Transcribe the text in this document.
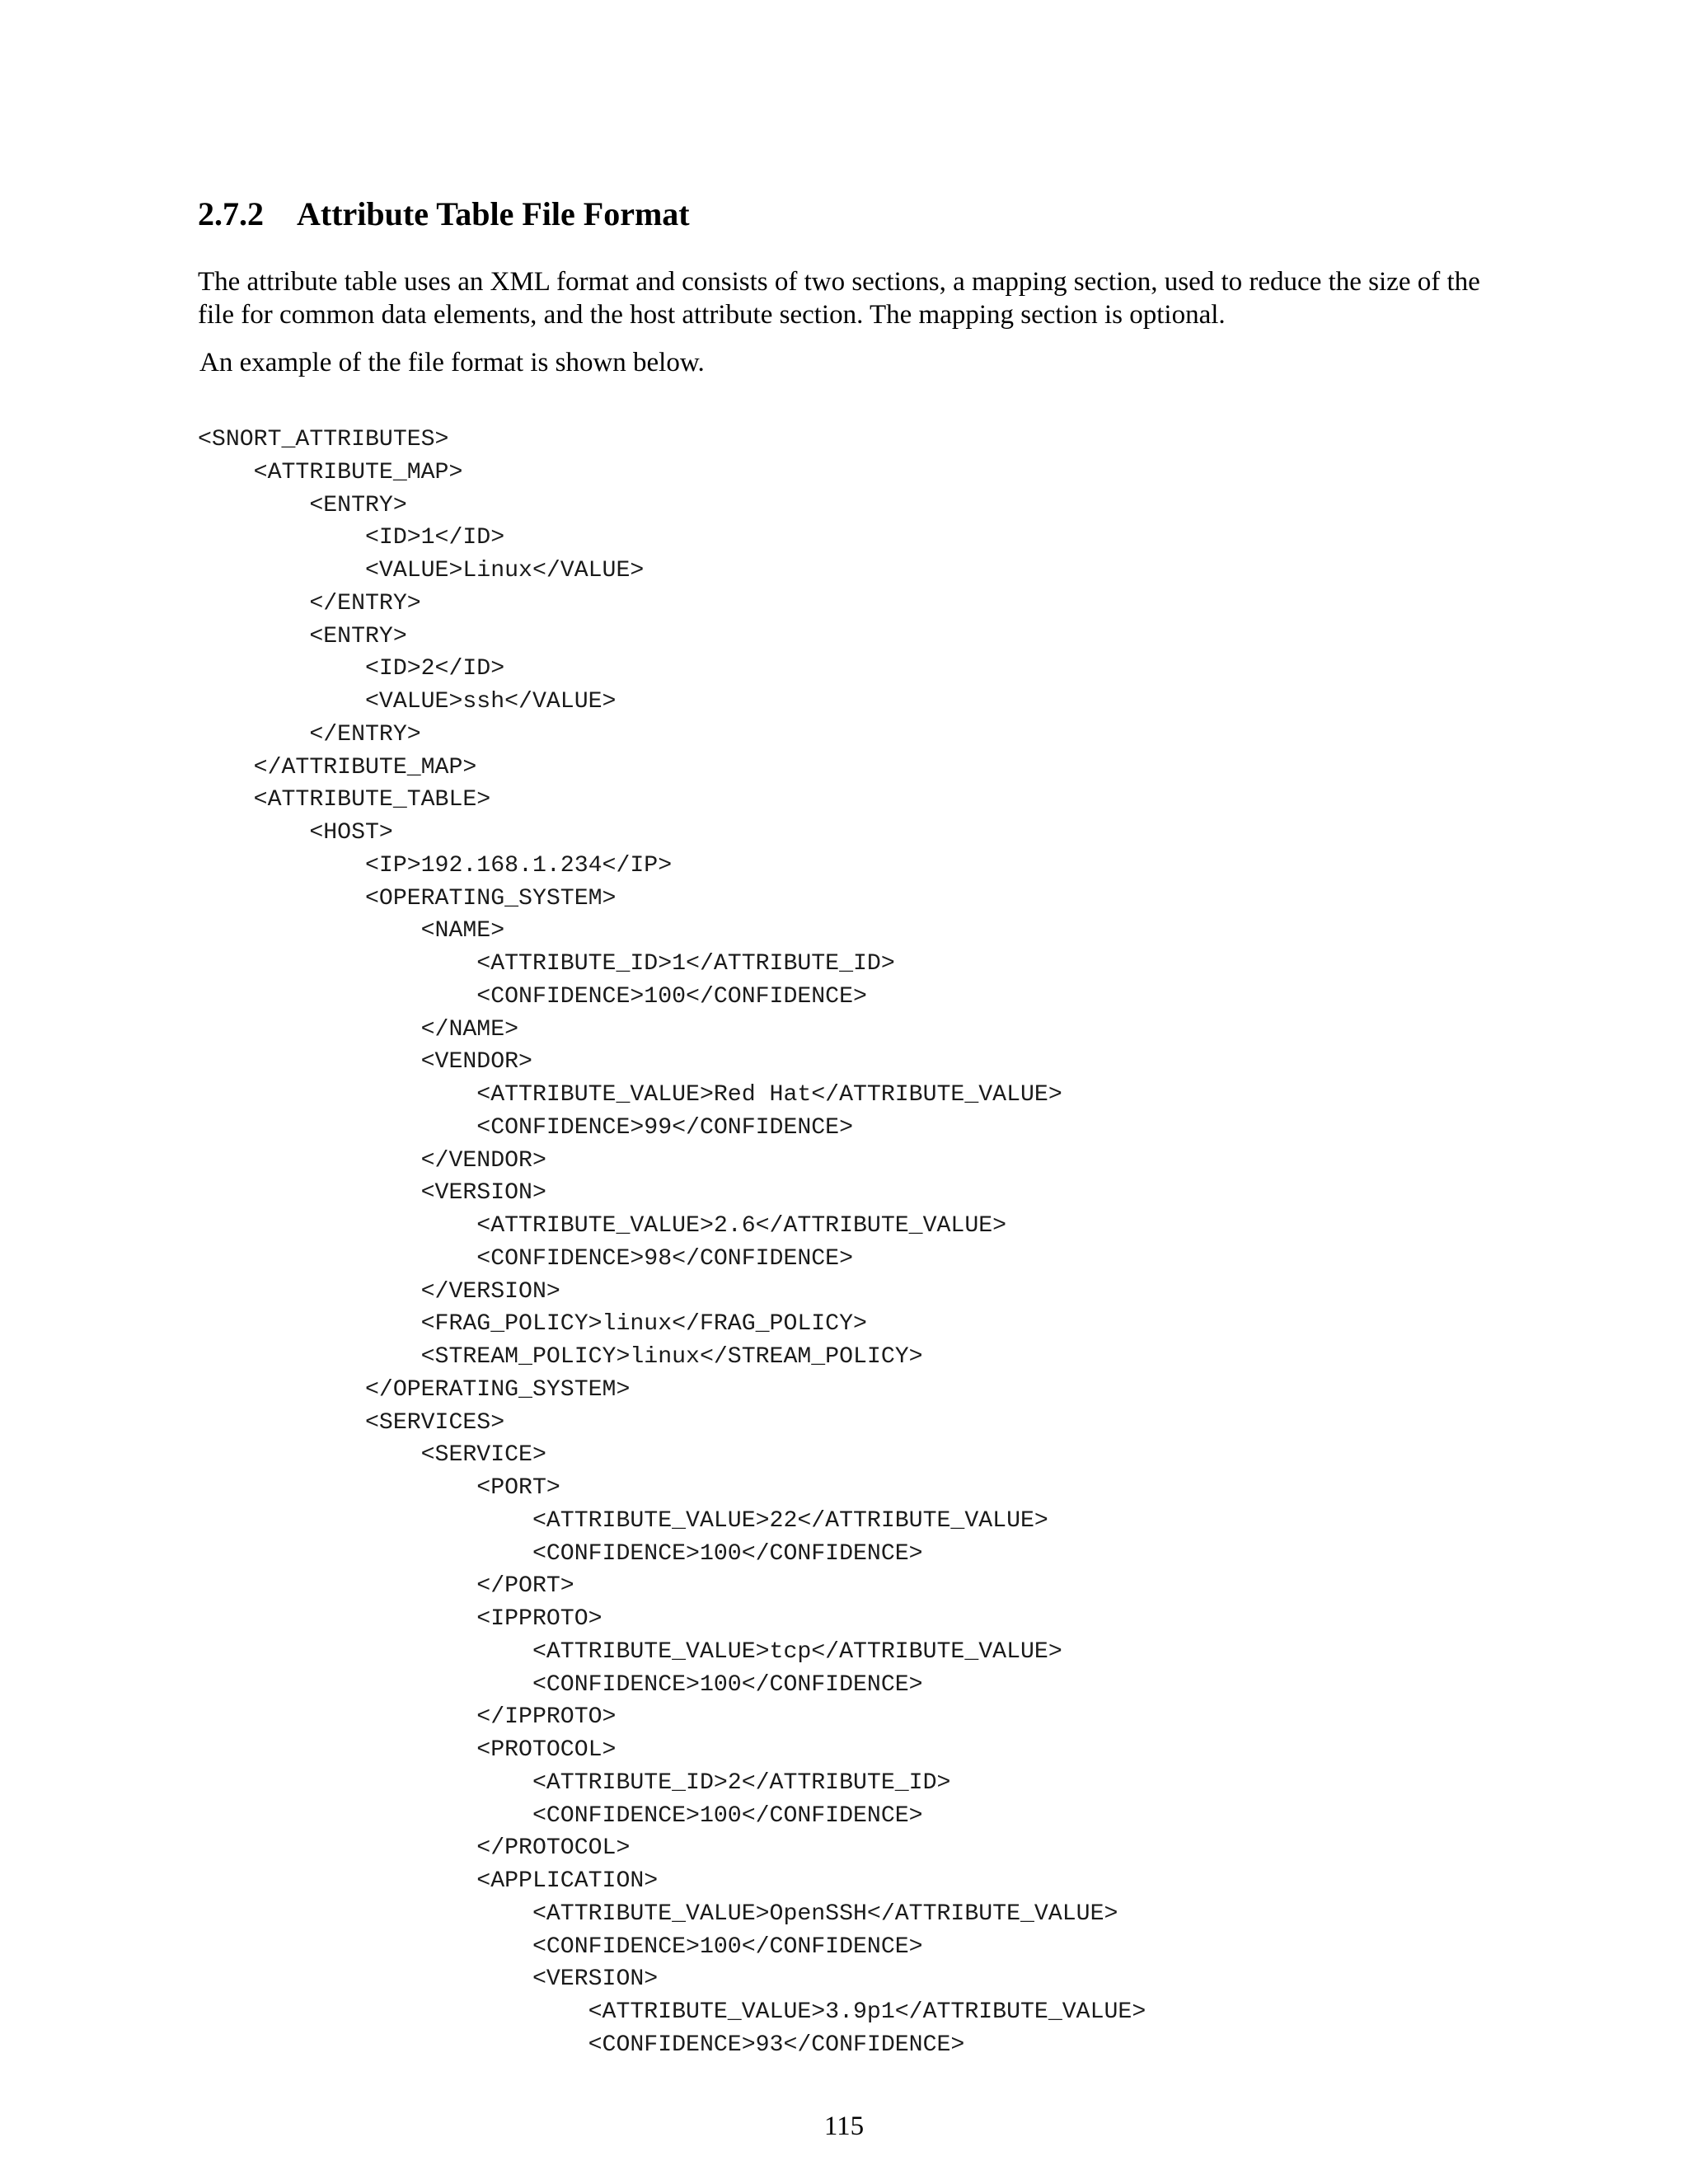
2.7.2 Attribute Table File Format

The attribute table uses an XML format and consists of two sections, a mapping section, used to reduce the size of the file for common data elements, and the host attribute section. The mapping section is optional.

An example of the file format is shown below.

<SNORT_ATTRIBUTES>
<ATTRIBUTE_MAP>
<ENTRY>
<ID>1</ID>
<VALUE>Linux</VALUE>
</ENTRY>
<ENTRY>
<ID>2</ID>
<VALUE>ssh</VALUE>
</ENTRY>
</ATTRIBUTE_MAP>
<ATTRIBUTE_TABLE>
<HOST>
<IP>192.168.1.234</IP>
<OPERATING_SYSTEM>
<NAME>
<ATTRIBUTE_ID>1</ATTRIBUTE_ID>
<CONFIDENCE>100</CONFIDENCE>
</NAME>
<VENDOR>
<ATTRIBUTE_VALUE>Red Hat</ATTRIBUTE_VALUE>
<CONFIDENCE>99</CONFIDENCE>
</VENDOR>
<VERSION>
<ATTRIBUTE_VALUE>2.6</ATTRIBUTE_VALUE>
<CONFIDENCE>98</CONFIDENCE>
</VERSION>
<FRAG_POLICY>linux</FRAG_POLICY>
<STREAM_POLICY>linux</STREAM_POLICY>
</OPERATING_SYSTEM>
<SERVICES>
<SERVICE>
<PORT>
<ATTRIBUTE_VALUE>22</ATTRIBUTE_VALUE>
<CONFIDENCE>100</CONFIDENCE>
</PORT>
<IPPROTO>
<ATTRIBUTE_VALUE>tcp</ATTRIBUTE_VALUE>
<CONFIDENCE>100</CONFIDENCE>
</IPPROTO>
<PROTOCOL>
<ATTRIBUTE_ID>2</ATTRIBUTE_ID>
<CONFIDENCE>100</CONFIDENCE>
</PROTOCOL>
<APPLICATION>
<ATTRIBUTE_VALUE>OpenSSH</ATTRIBUTE_VALUE>
<CONFIDENCE>100</CONFIDENCE>
<VERSION>
<ATTRIBUTE_VALUE>3.9p1</ATTRIBUTE_VALUE>
<CONFIDENCE>93</CONFIDENCE>
115
